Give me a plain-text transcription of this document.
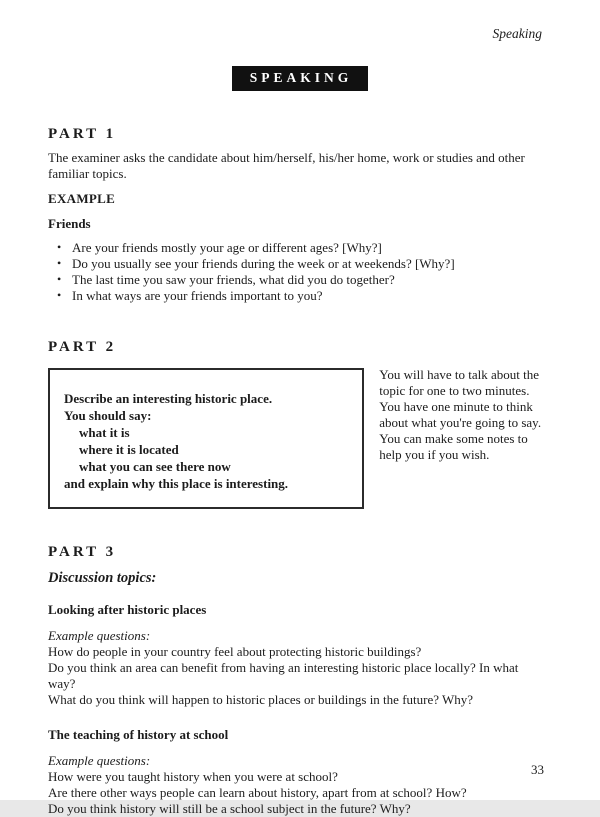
Speaking
SPEAKING
PART 1
The examiner asks the candidate about him/herself, his/her home, work or studies and other familiar topics.
EXAMPLE
Friends
• Are your friends mostly your age or different ages? [Why?]
• Do you usually see your friends during the week or at weekends? [Why?]
• The last time you saw your friends, what did you do together?
• In what ways are your friends important to you?
PART 2
Describe an interesting historic place.
You should say:
what it is
where it is located
what you can see there now
and explain why this place is interesting.
You will have to talk about the topic for one to two minutes.
You have one minute to think about what you're going to say.
You can make some notes to help you if you wish.
PART 3
Discussion topics:
Looking after historic places
Example questions:
How do people in your country feel about protecting historic buildings?
Do you think an area can benefit from having an interesting historic place locally? In what way?
What do you think will happen to historic places or buildings in the future? Why?
The teaching of history at school
Example questions:
How were you taught history when you were at school?
Are there other ways people can learn about history, apart from at school? How?
Do you think history will still be a school subject in the future? Why?
33
